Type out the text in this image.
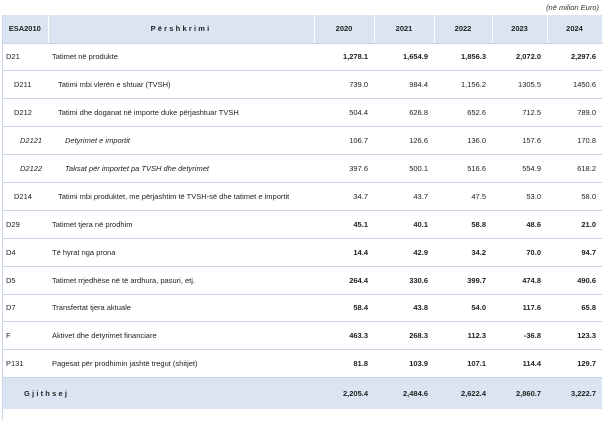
(në milion Euro)
ESA2010	Përshkrimi	2020	2021	2022	2023	2024
D21	Tatimet në produkte	1,278.1	1,654.9	1,856.3	2,072.0	2,297.6
D211	Tatimi mbi vlerën e shtuar (TVSH)	739.0	984.4	1,156.2	1305.5	1450.6
D212	Tatimi dhe doganat në importe duke përjashtuar TVSH	504.4	626.8	652.6	712.5	789.0
D2121	Detyrimet e importit	106.7	126.6	136.0	157.6	170.8
D2122	Taksat për importet pa TVSH dhe detyrimet	397.6	500.1	516.6	554.9	618.2
D214	Tatimi mbi produktet, me përjashtim të TVSH-së dhe tatimet e importit	34.7	43.7	47.5	53.0	58.0
D29	Tatimet tjera në prodhim	45.1	40.1	58.8	48.6	21.0
D4	Të hyrat nga prona	14.4	42.9	34.2	70.0	94.7
D5	Tatimet rrjedhëse në të ardhura, pasuri, etj.	264.4	330.6	399.7	474.8	490.6
D7	Transfertat tjera aktuale	58.4	43.8	54.0	117.6	65.8
F	Aktivet dhe detyrimet financiare	463.3	268.3	112.3	-36.8	123.3
P131	Pagesat për prodhimin jashtë tregut (shitjet)	81.8	103.9	107.1	114.4	129.7
Gjithsej		2,205.4	2,484.6	2,622.4	2,860.7	3,222.7
